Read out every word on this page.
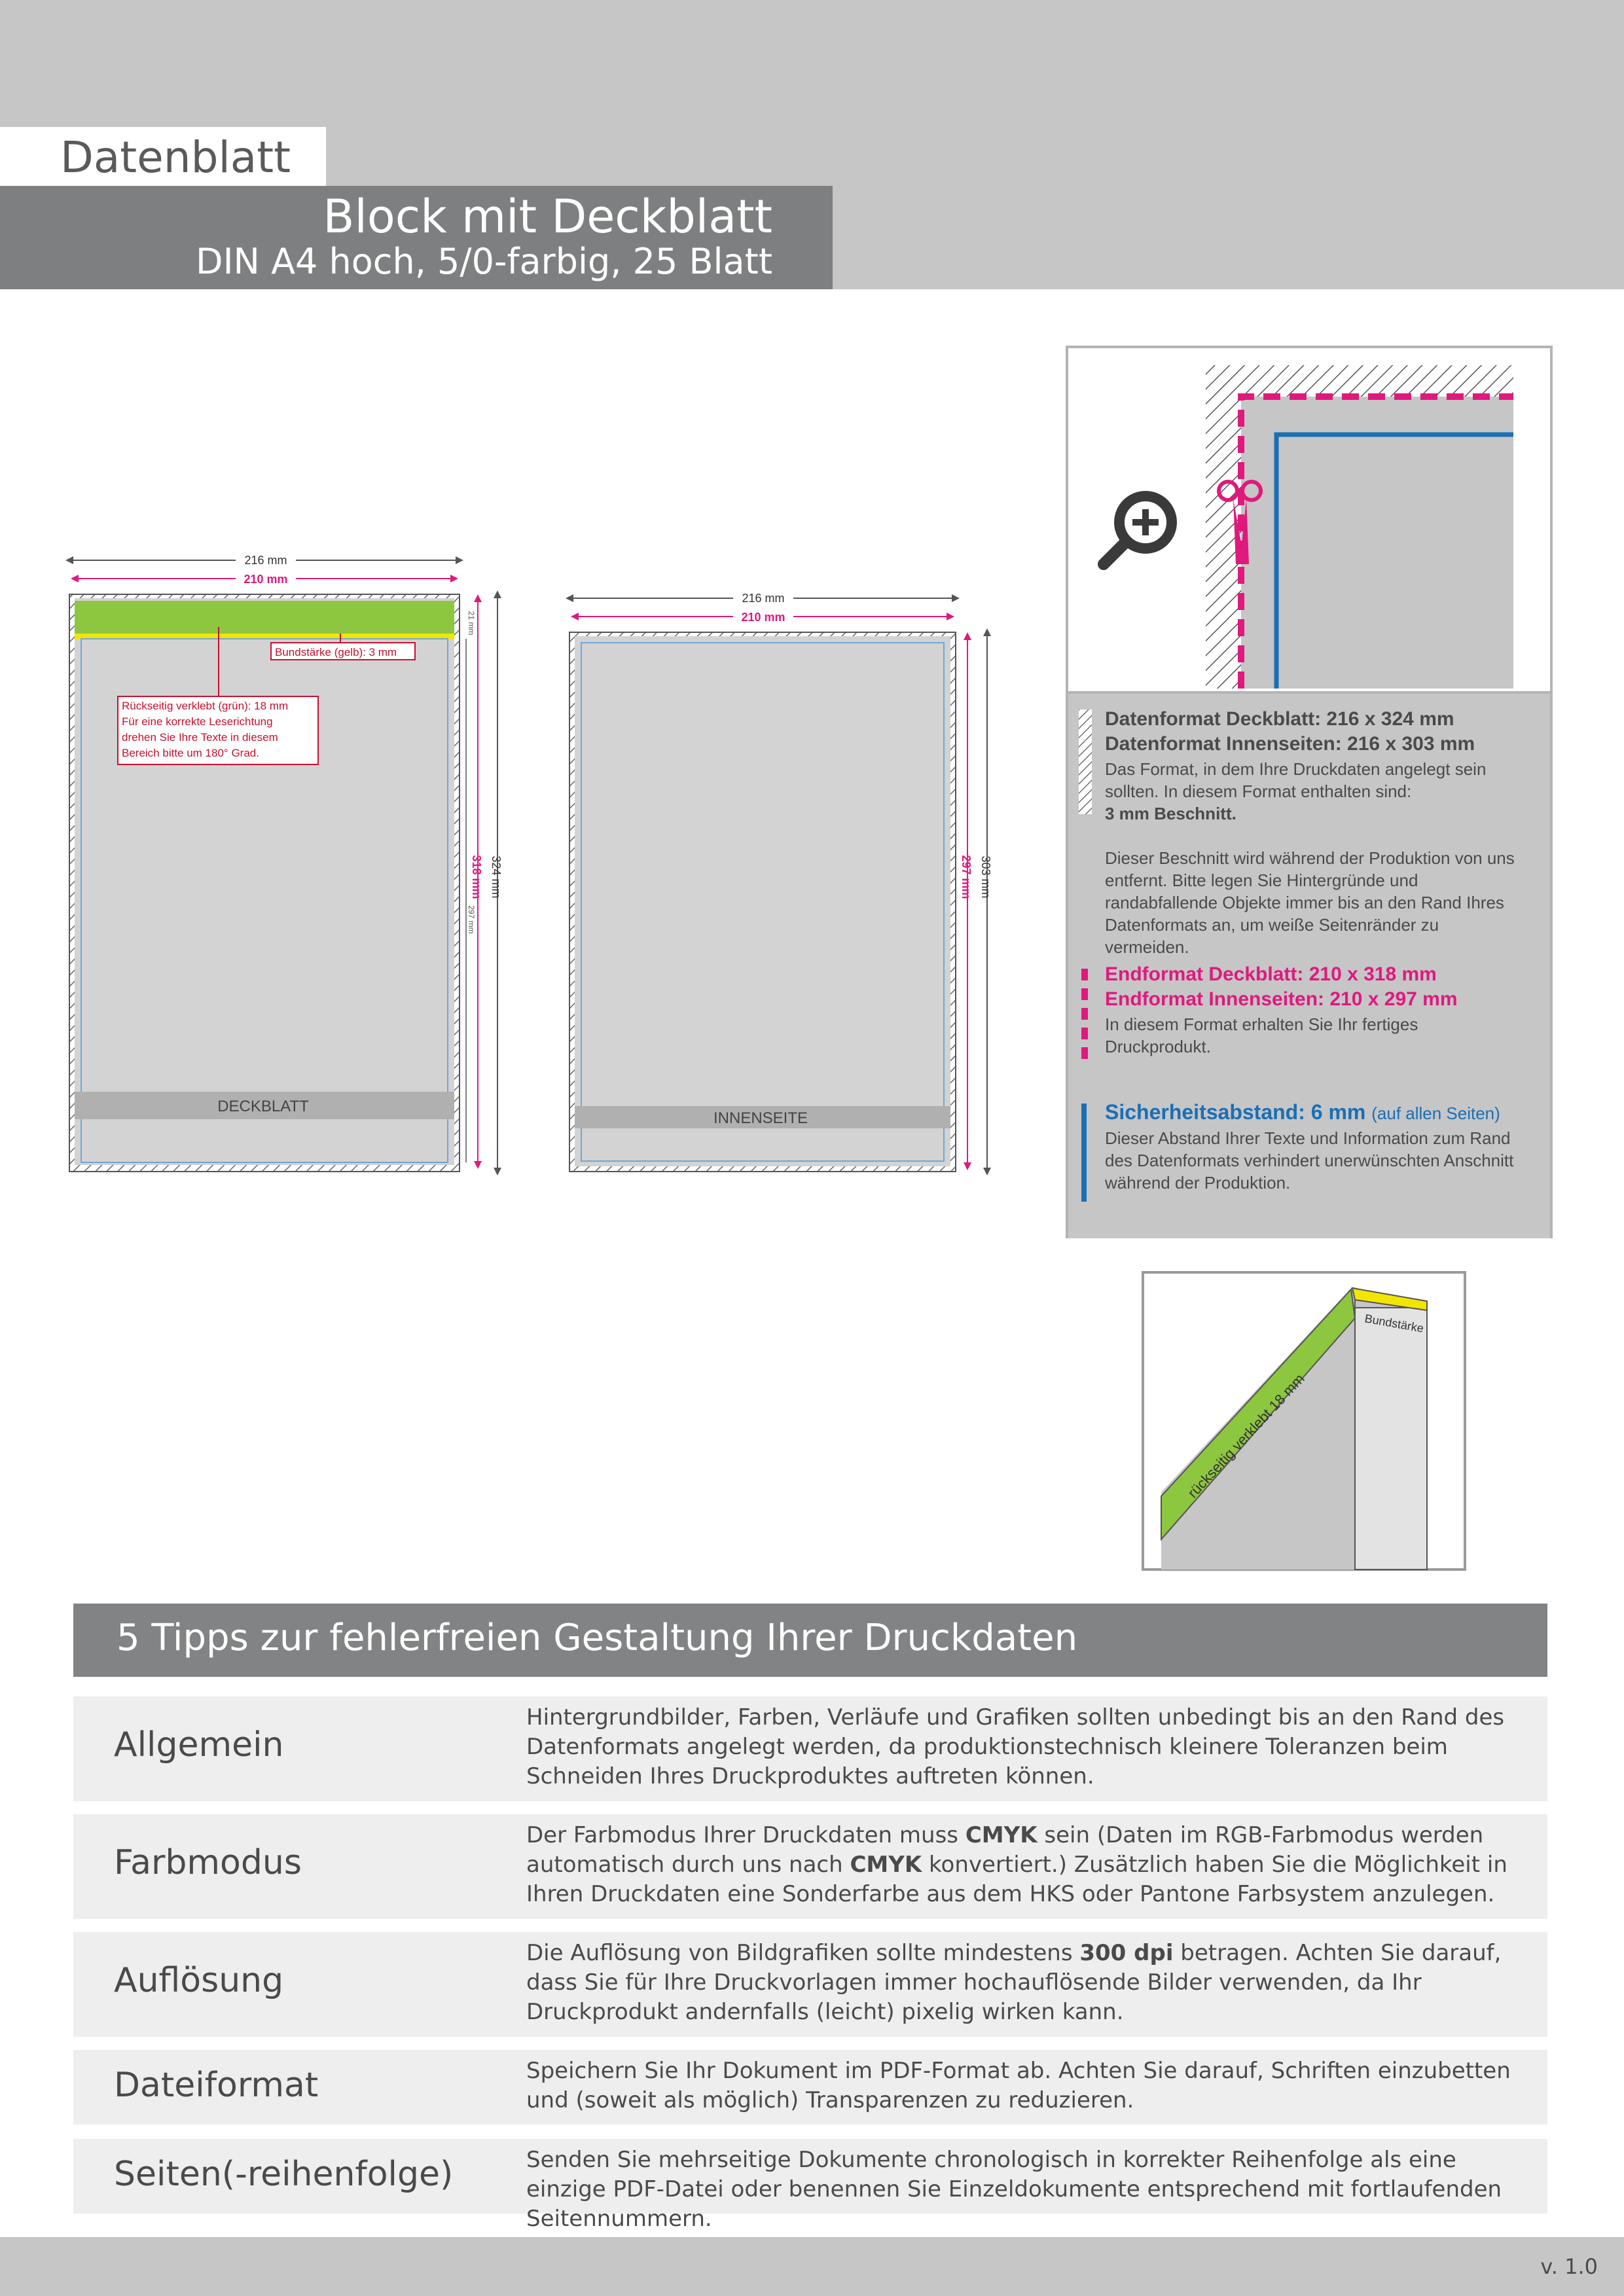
Datenblatt
Block mit Deckblatt
DIN A4 hoch, 5/0-farbig, 25 Blatt
DECKBLATT
216 mm
210 mm
324 mm
318 mm
297 mm
21 mm
Bundstärke (gelb): 3 mm
Rückseitig verklebt (grün): 18 mm Für eine korrekte Leserichtung drehen Sie Ihre Texte in diesem Bereich bitte um 180° Grad.
INNENSEITE
216 mm
210 mm
303 mm
297 mm
Datenformat Deckblatt: 216 x 324 mm
Datenformat Innenseiten: 216 x 303 mm
Das Format, in dem Ihre Druckdaten angelegt sein sollten. In diesem Format enthalten sind:
3 mm Beschnitt.
Dieser Beschnitt wird während der Produktion von uns entfernt. Bitte legen Sie Hintergründe und randabfallende Objekte immer bis an den Rand Ihres Datenformats an, um weiße Seitenränder zu vermeiden.
Endformat Deckblatt: 210 x 318 mm
Endformat Innenseiten: 210 x 297 mm
In diesem Format erhalten Sie Ihr fertiges Druckprodukt.
Sicherheitsabstand: 6 mm (auf allen Seiten)
Dieser Abstand Ihrer Texte und Information zum Rand des Datenformats verhindert unerwünschten Anschnitt während der Produktion.
Bundstärke
rückseitig verklebt 18 mm
5 Tipps zur fehlerfreien Gestaltung Ihrer Druckdaten
Allgemein
Hintergrundbilder, Farben, Verläufe und Grafiken sollten unbedingt bis an den Rand des Datenformats angelegt werden, da produktionstechnisch kleinere Toleranzen beim Schneiden Ihres Druckproduktes auftreten können.
Farbmodus
Der Farbmodus Ihrer Druckdaten muss CMYK sein (Daten im RGB-Farbmodus werden automatisch durch uns nach CMYK konvertiert.) Zusätzlich haben Sie die Möglichkeit in Ihren Druckdaten eine Sonderfarbe aus dem HKS oder Pantone Farbsystem anzulegen.
Auflösung
Die Auflösung von Bildgrafiken sollte mindestens 300 dpi betragen. Achten Sie darauf, dass Sie für Ihre Druckvorlagen immer hochauflösende Bilder verwenden, da Ihr Druckprodukt andernfalls (leicht) pixelig wirken kann.
Dateiformat	Speichern Sie Ihr Dokument im PDF-Format ab. Achten Sie darauf, Schriften einzubetten und (soweit als möglich) Transparenzen zu reduzieren.
Seiten(-reihenfolge)	Senden Sie mehrseitige Dokumente chronologisch in korrekter Reihenfolge als eine einzige PDF-Datei oder benennen Sie Einzeldokumente entsprechend mit fortlaufenden Seitennummern.
v. 1.0
